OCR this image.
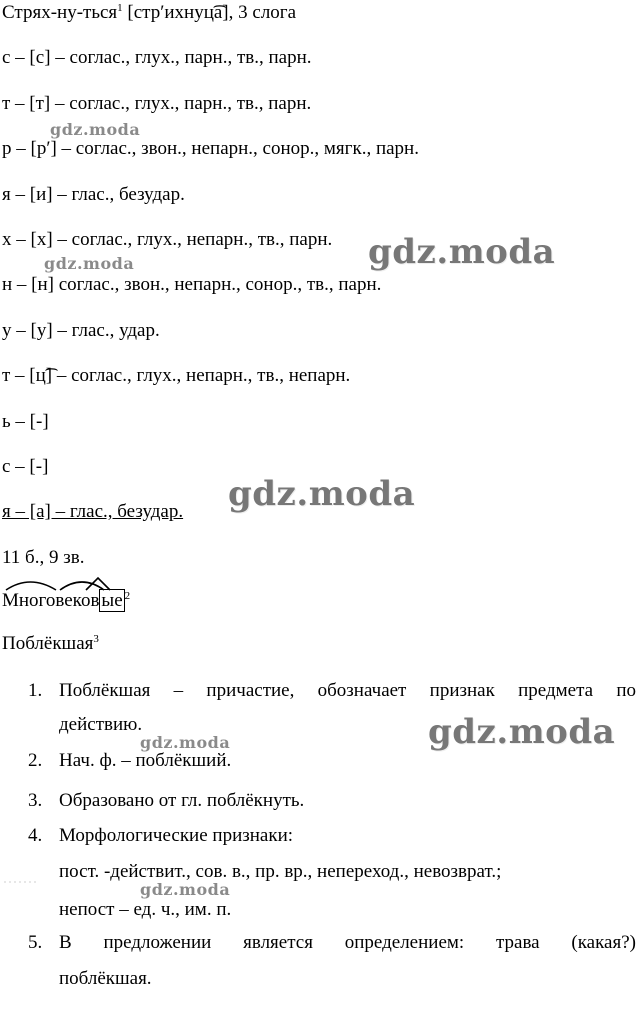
Стрях-ну-ться$^1$ [стр′ихнуц͡а], 3 слога
с – [с] – соглас., глух., парн., тв., парн.
т – [т] – соглас., глух., парн., тв., парн.
р – [р′] – соглас., звон., непарн., сонор., мягк., парн.
я – [и] – глас., безудар.
х – [х] – соглас., глух., непарн., тв., парн.
н – [н] соглас., звон., непарн., сонор., тв., парн.
у – [у] – глас., удар.
т – [ц͡] – соглас., глух., непарн., тв., непарн.
ь – [-]
с – [-]
я – [а] – глас., безудар.
11 б., 9 зв.
Многовеков ые $^2$
Поблёкшая$^3$
1. Поблёкшая – причастие, обозначает признак предмета по
действию.
2. Нач. ф. – поблёкший.
3. Образовано от гл. поблёкнуть.
4. Морфологические признаки:
пост. -действит., сов. в., пр. вр., непереход., невозврат.;
непост – ед. ч., им. п.
5. В предложении является определением: трава (какая?)
поблёкшая.
gdz.moda
gdz.moda
gdz.moda
gdz.moda
gdz.moda
gdz.moda
gdz.moda
